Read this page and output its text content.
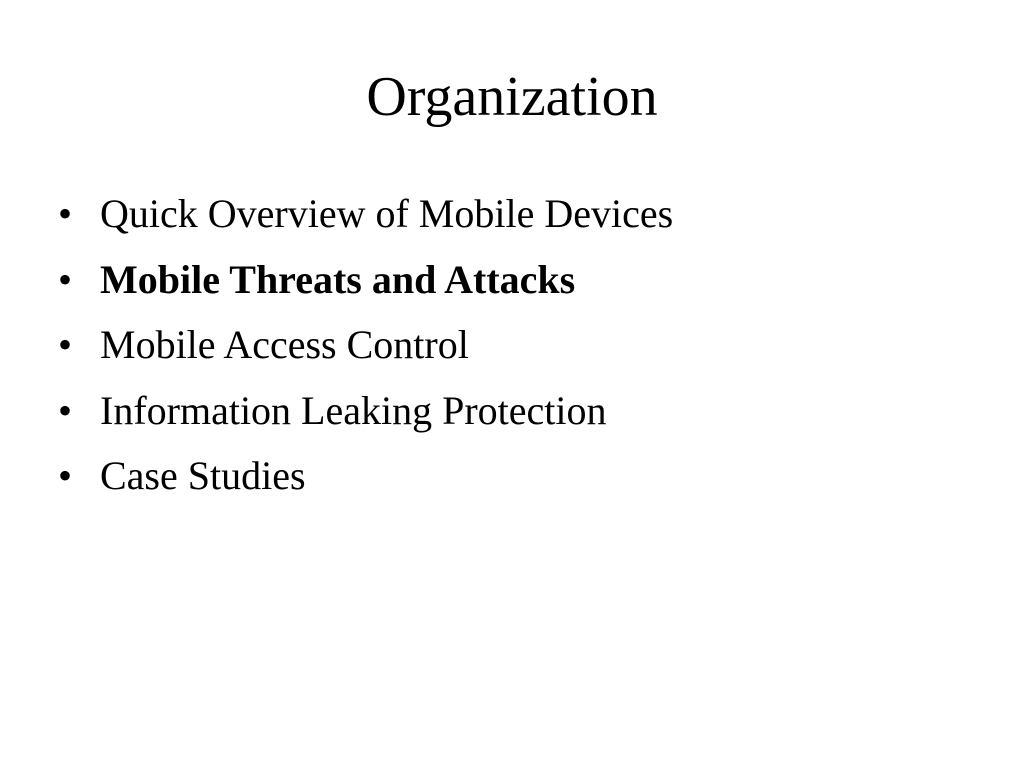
Organization
• Quick Overview of Mobile Devices
• Mobile Threats and Attacks
• Mobile Access Control
• Information Leaking Protection
• Case Studies
